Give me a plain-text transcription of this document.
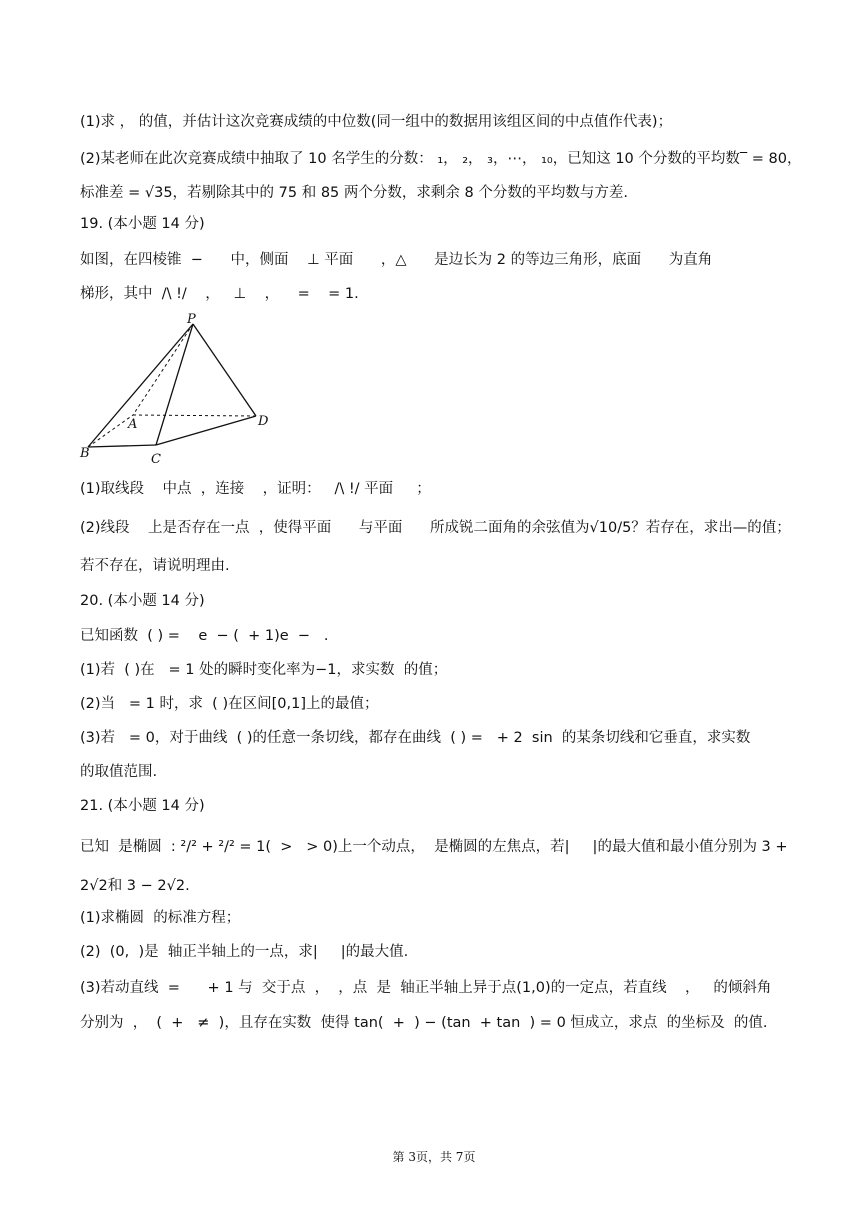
(1)求 ， 的值，并估计这次竞赛成绩的中位数(同一组中的数据用该组区间的中点值作代表)；
(2)某老师在此次竞赛成绩中抽取了 10 名学生的分数： ₁， ₂， ₃，⋯， ₁₀，已知这 10 个分数的平均数‾ = 80，
标准差 = √35，若剔除其中的 75 和 85 两个分数，求剩余 8 个分数的平均数与方差.
19. (本小题 14 分)
如图，在四棱锥  −      中，侧面    ⊥ 平面      ，△      是边长为 2 的等边三角形，底面      为直角
梯形，其中  /\ !/    ，   ⊥    ，    =    = 1.
P
A
B	C
D
(1)取线段    中点  ，连接    ，证明：   /\ !/ 平面     ；
(2)线段    上是否存在一点  ，使得平面      与平面      所成锐二面角的余弦值为√10/5？若存在，求出—的值；
若不存在，请说明理由.
20. (本小题 14 分)
已知函数  ( ) =    e  − (  + 1)e  −   .
(1)若  ( )在   = 1 处的瞬时变化率为−1，求实数  的值；
(2)当   = 1 时，求  ( )在区间[0,1]上的最值；
(3)若   = 0，对于曲线  ( )的任意一条切线，都存在曲线  ( ) =   + 2  sin  的某条切线和它垂直，求实数
的取值范围.
21. (本小题 14 分)
已知  是椭圆  : ²/² + ²/² = 1(  >   > 0)上一个动点，  是椭圆的左焦点，若|     |的最大值和最小值分别为 3 +
2√2和 3 − 2√2.
(1)求椭圆  的标准方程；
(2)  (0,  )是  轴正半轴上的一点，求|     |的最大值.
(3)若动直线  =      + 1 与  交于点  ，  ，点  是  轴正半轴上异于点(1,0)的一定点，若直线    ，   的倾斜角
分别为  ，  (  +   ≠  )，且存在实数  使得 tan(  +  ) − (tan  + tan  ) = 0 恒成立，求点  的坐标及  的值.
第 3页，共 7页
